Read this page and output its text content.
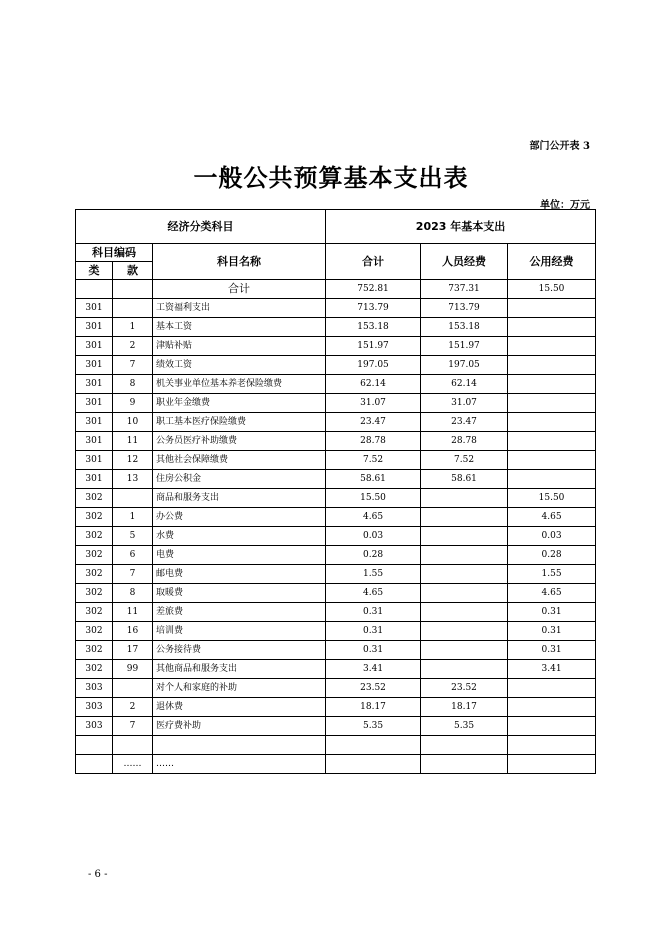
部门公开表 3
一般公共预算基本支出表
单位：万元
经济分类科目			2023 年基本支出		
科目编码		科目名称	合计	人员经费	公用经费
类	款				
		合计	752.81	737.31	15.50
301		工资福利支出	713.79	713.79	
301	1	基本工资	153.18	153.18	
301	2	津贴补贴	151.97	151.97	
301	7	绩效工资	197.05	197.05	
301	8	机关事业单位基本养老保险缴费	62.14	62.14	
301	9	职业年金缴费	31.07	31.07	
301	10	职工基本医疗保险缴费	23.47	23.47	
301	11	公务员医疗补助缴费	28.78	28.78	
301	12	其他社会保障缴费	7.52	7.52	
301	13	住房公积金	58.61	58.61	
302		商品和服务支出	15.50		15.50
302	1	办公费	4.65		4.65
302	5	水费	0.03		0.03
302	6	电费	0.28		0.28
302	7	邮电费	1.55		1.55
302	8	取暖费	4.65		4.65
302	11	差旅费	0.31		0.31
302	16	培训费	0.31		0.31
302	17	公务接待费	0.31		0.31
302	99	其他商品和服务支出	3.41		3.41
303		对个人和家庭的补助	23.52	23.52	
303	2	退休费	18.17	18.17	
303	7	医疗费补助	5.35	5.35	

	……	……			
- 6 -
